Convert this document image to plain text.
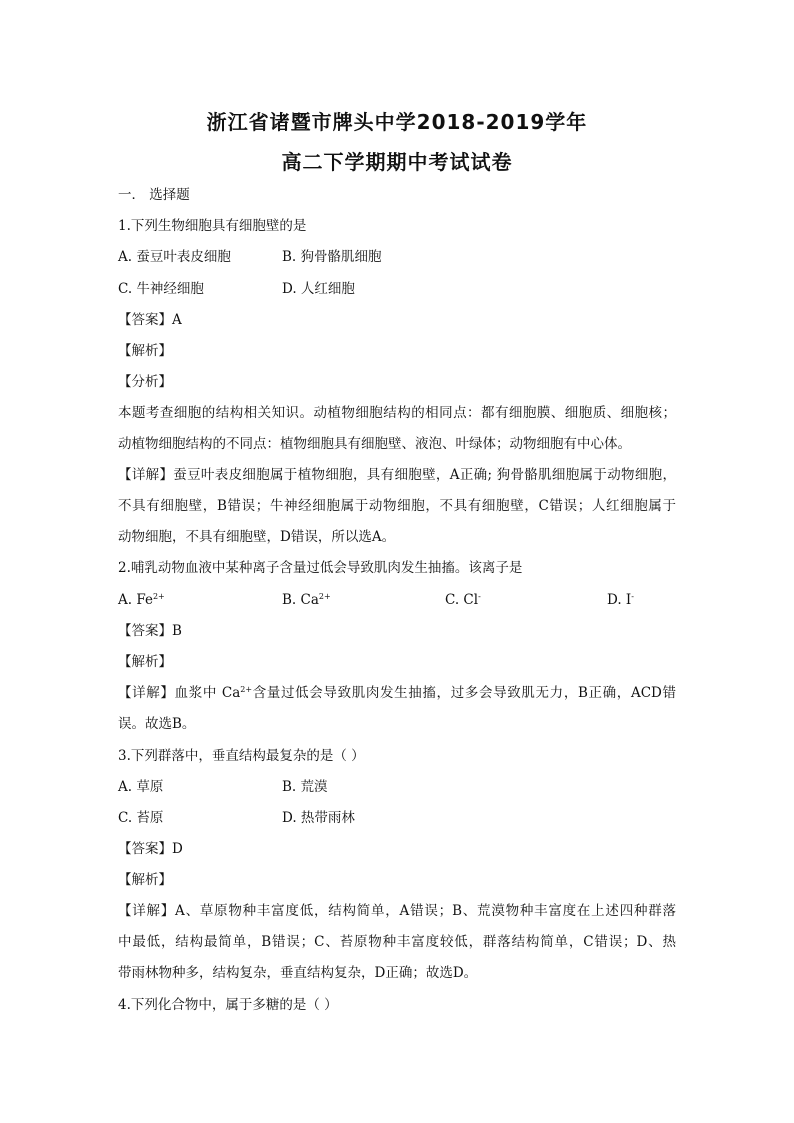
浙江省诸暨市牌头中学2018-2019学年
高二下学期期中考试试卷
一． 选择题
1.下列生物细胞具有细胞壁的是
A. 蚕豆叶表皮细胞	B. 狗骨骼肌细胞
C. 牛神经细胞	D. 人红细胞
【答案】A
【解析】
【分析】
本题考查细胞的结构相关知识。动植物细胞结构的相同点：都有细胞膜、细胞质、细胞核；
动植物细胞结构的不同点：植物细胞具有细胞壁、液泡、叶绿体；动物细胞有中心体。
【详解】蚕豆叶表皮细胞属于植物细胞，具有细胞壁，A正确; 狗骨骼肌细胞属于动物细胞，
不具有细胞壁，B错误；牛神经细胞属于动物细胞，不具有细胞壁，C错误；人红细胞属于
动物细胞，不具有细胞壁，D错误，所以选A。
2.哺乳动物血液中某种离子含量过低会导致肌肉发生抽搐。该离子是
A. $Fe^{2+}$	B. $Ca^{2+}$	C. Cl-	D. I-
【答案】B
【解析】
【详解】血浆中 $Ca^{2+}$含量过低会导致肌肉发生抽搐，过多会导致肌无力，B正确，ACD错
误。故选B。
3.下列群落中，垂直结构最复杂的是（ ）
A. 草原	B. 荒漠
C. 苔原	D. 热带雨林
【答案】D
【解析】
【详解】A、草原物种丰富度低，结构简单，A错误；B、荒漠物种丰富度在上述四种群落
中最低，结构最简单，B错误；C、苔原物种丰富度较低，群落结构简单，C错误；D、热
带雨林物种多，结构复杂，垂直结构复杂，D正确；故选D。
4.下列化合物中，属于多糖的是（ ）
